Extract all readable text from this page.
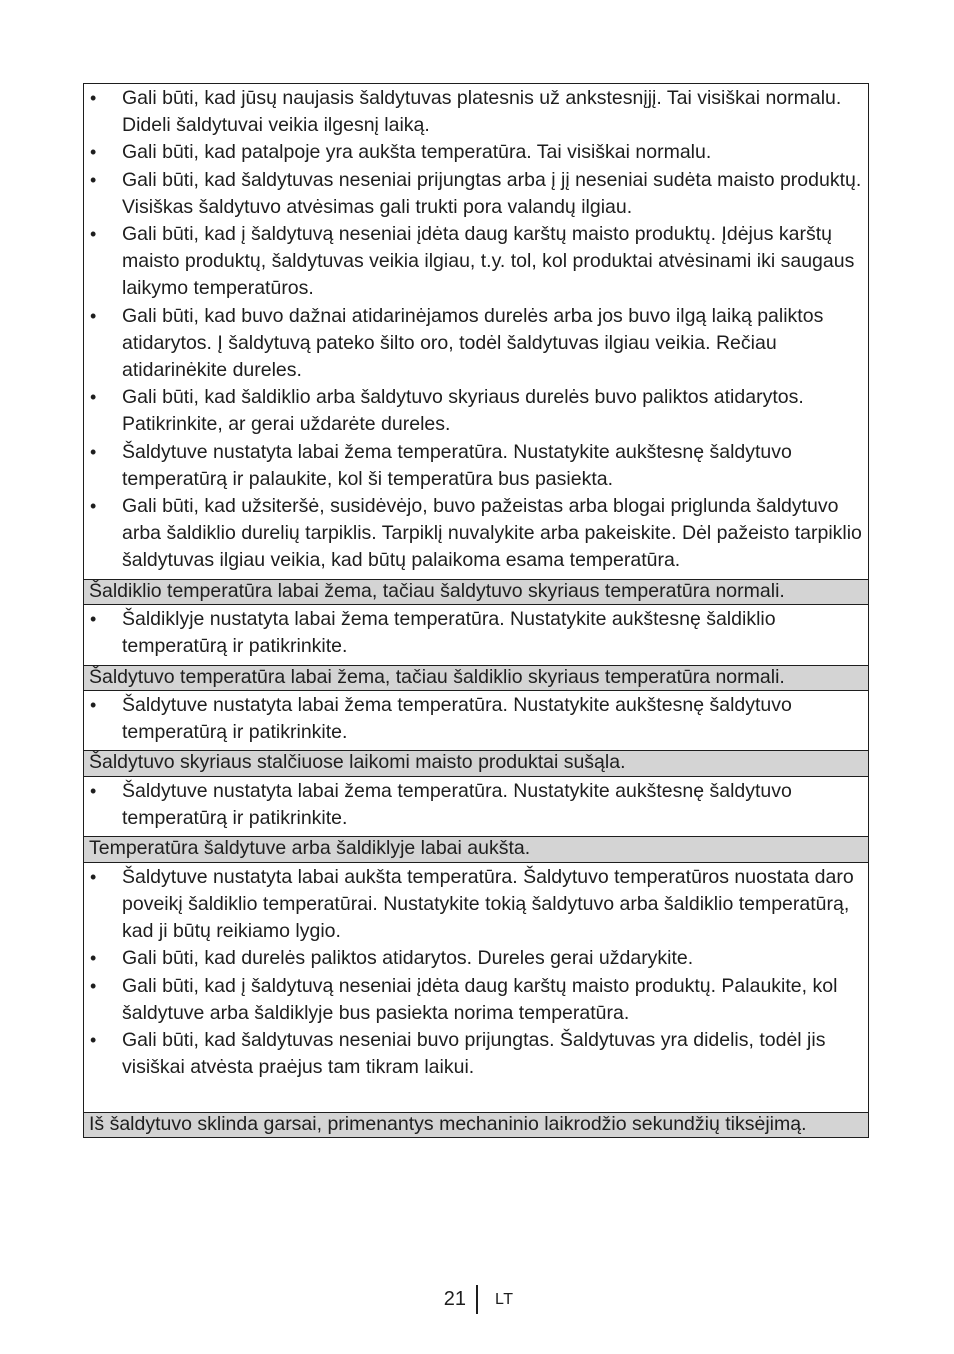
•	Gali būti, kad jūsų naujasis šaldytuvas platesnis už ankstesnįjį. Tai visiškai normalu. Dideli šaldytuvai veikia ilgesnį laiką.
•	Gali būti, kad patalpoje yra aukšta temperatūra. Tai visiškai normalu.
•	Gali būti, kad šaldytuvas neseniai prijungtas arba į jį neseniai sudėta maisto produktų. Visiškas šaldytuvo atvėsimas gali trukti pora valandų ilgiau.
•	Gali būti, kad į šaldytuvą neseniai įdėta daug karštų maisto produktų. Įdėjus karštų maisto produktų, šaldytuvas veikia ilgiau, t.y. tol, kol produktai atvėsinami iki saugaus laikymo temperatūros.
•	Gali būti, kad buvo dažnai atidarinėjamos durelės arba jos buvo ilgą laiką paliktos atidarytos. Į šaldytuvą pateko šilto oro, todėl šaldytuvas ilgiau veikia. Rečiau atidarinėkite dureles.
•	Gali būti, kad šaldiklio arba šaldytuvo skyriaus durelės buvo paliktos atidarytos. Patikrinkite, ar gerai uždarėte dureles.
•	Šaldytuve nustatyta labai žema temperatūra. Nustatykite aukštesnę šaldytuvo temperatūrą ir palaukite, kol ši temperatūra bus pasiekta.
•	Gali būti, kad užsiteršė, susidėvėjo, buvo pažeistas arba blogai priglunda šaldytuvo arba šaldiklio durelių tarpiklis. Tarpiklį nuvalykite arba pakeiskite. Dėl pažeisto tarpiklio šaldytuvas ilgiau veikia, kad būtų palaikoma esama temperatūra.
Šaldiklio temperatūra labai žema, tačiau šaldytuvo skyriaus temperatūra normali.
•	Šaldiklyje nustatyta labai žema temperatūra. Nustatykite aukštesnę šaldiklio temperatūrą ir patikrinkite.
Šaldytuvo temperatūra labai žema, tačiau šaldiklio skyriaus temperatūra normali.
•	Šaldytuve nustatyta labai žema temperatūra. Nustatykite aukštesnę šaldytuvo temperatūrą ir patikrinkite.
Šaldytuvo skyriaus stalčiuose laikomi maisto produktai sušąla.
•	Šaldytuve nustatyta labai žema temperatūra. Nustatykite aukštesnę šaldytuvo temperatūrą ir patikrinkite.
Temperatūra šaldytuve arba šaldiklyje labai aukšta.
•	Šaldytuve nustatyta labai aukšta temperatūra. Šaldytuvo temperatūros nuostata daro poveikį šaldiklio temperatūrai. Nustatykite tokią šaldytuvo arba šaldiklio temperatūrą, kad ji būtų reikiamo lygio.
•	Gali būti, kad durelės paliktos atidarytos. Dureles gerai uždarykite.
•	Gali būti, kad į šaldytuvą neseniai įdėta daug karštų maisto produktų. Palaukite, kol šaldytuve arba šaldiklyje bus pasiekta norima temperatūra.
•	Gali būti, kad šaldytuvas neseniai buvo prijungtas. Šaldytuvas yra didelis, todėl jis visiškai atvėsta praėjus tam tikram laikui.
Iš šaldytuvo sklinda garsai, primenantys mechaninio laikrodžio sekundžių tiksėjimą.
21 LT
